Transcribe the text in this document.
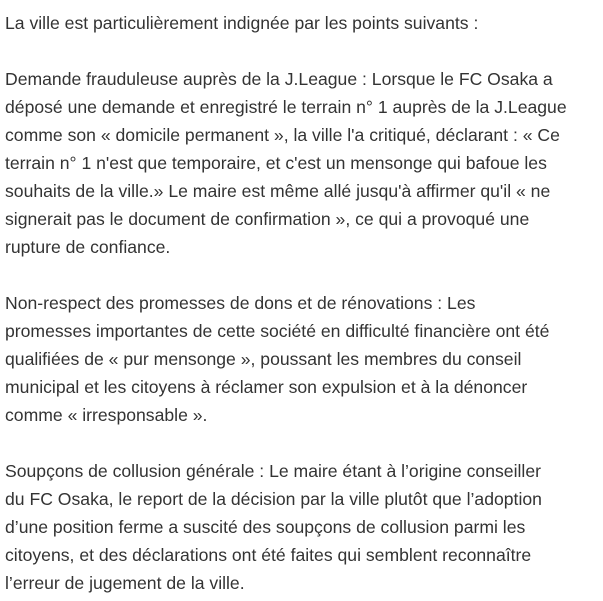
La ville est particulièrement indignée par les points suivants :

Demande frauduleuse auprès de la J.League : Lorsque le FC Osaka a
déposé une demande et enregistré le terrain n° 1 auprès de la J.League
comme son « domicile permanent », la ville l'a critiqué, déclarant : « Ce
terrain n° 1 n'est que temporaire, et c'est un mensonge qui bafoue les
souhaits de la ville.» Le maire est même allé jusqu'à affirmer qu'il « ne
signerait pas le document de confirmation », ce qui a provoqué une
rupture de confiance.

Non-respect des promesses de dons et de rénovations : Les
promesses importantes de cette société en difficulté financière ont été
qualifiées de « pur mensonge », poussant les membres du conseil
municipal et les citoyens à réclamer son expulsion et à la dénoncer
comme « irresponsable ».

Soupçons de collusion générale : Le maire étant à l’origine conseiller
du FC Osaka, le report de la décision par la ville plutôt que l’adoption
d’une position ferme a suscité des soupçons de collusion parmi les
citoyens, et des déclarations ont été faites qui semblent reconnaître
l’erreur de jugement de la ville.
